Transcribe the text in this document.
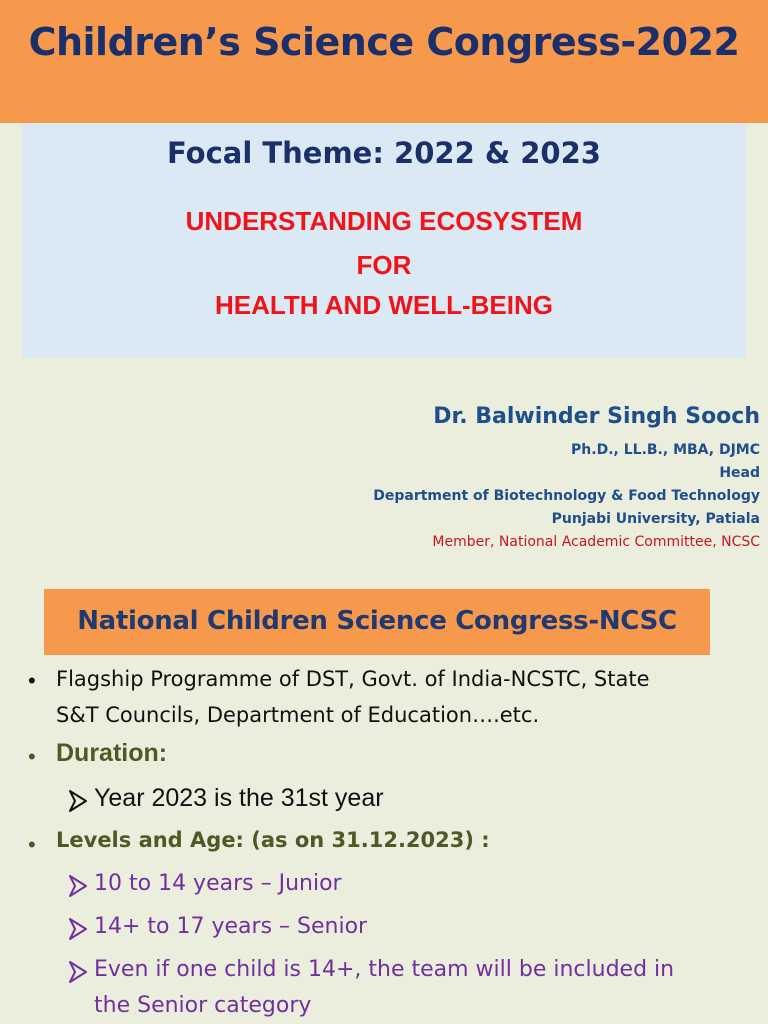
Children’s Science Congress-2022
Focal Theme: 2022 & 2023
UNDERSTANDING ECOSYSTEM
FOR
HEALTH AND WELL-BEING
Dr. Balwinder Singh Sooch
Ph.D., LL.B., MBA, DJMC
Head
Department of Biotechnology & Food Technology
Punjabi University, Patiala
Member, National Academic Committee, NCSC
National Children Science Congress-NCSC
• Flagship Programme of DST, Govt. of India-NCSTC, State
S&T Councils, Department of Education….etc.
• Duration:
Year 2023 is the 31st year
• Levels and Age: (as on 31.12.2023) :
10 to 14 years – Junior
14+ to 17 years – Senior
Even if one child is 14+, the team will be included in
the Senior category
